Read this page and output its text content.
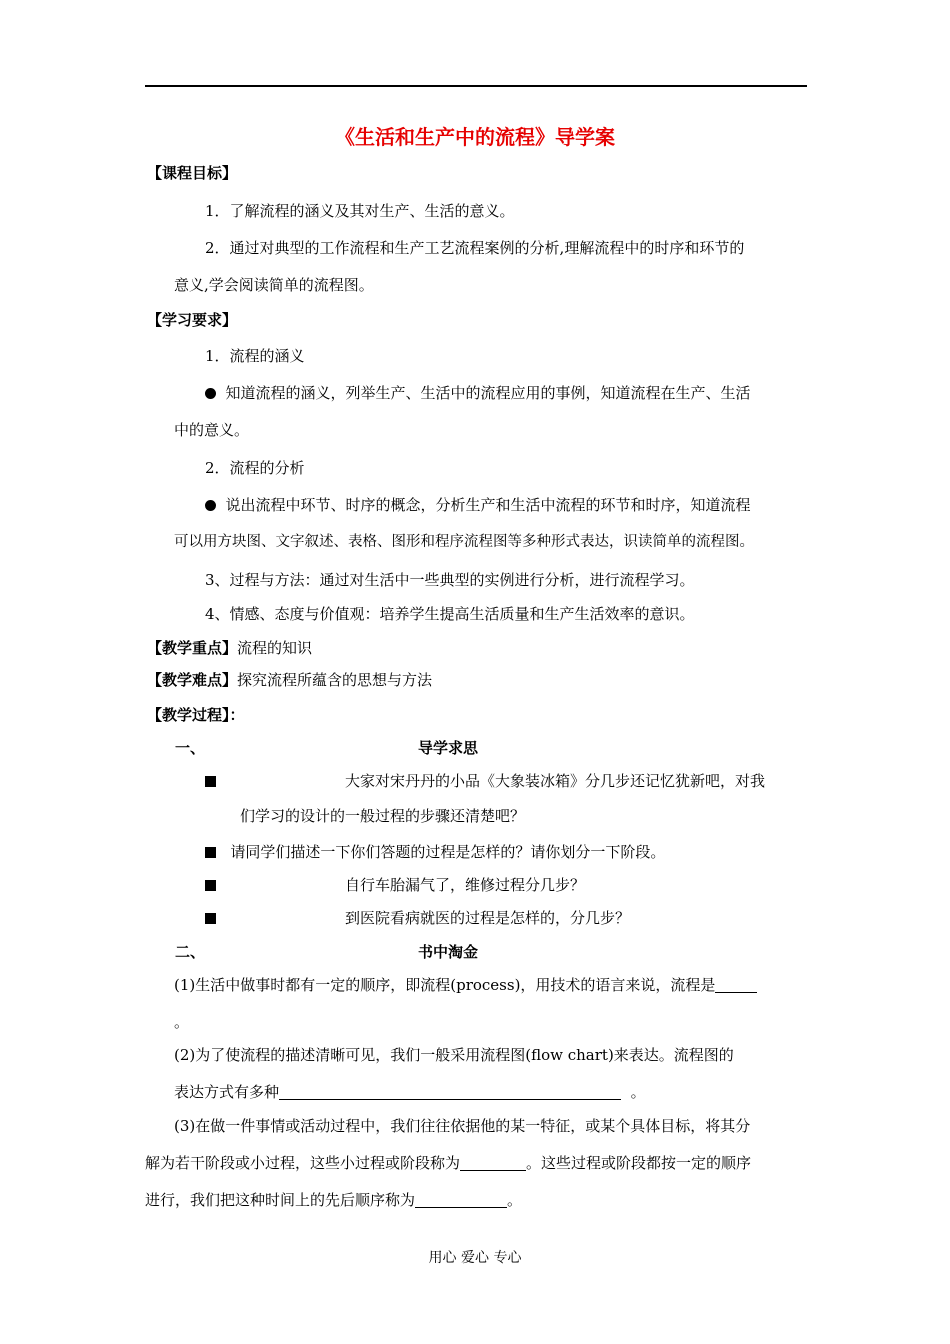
《生活和生产中的流程》导学案
【课程目标】
1．了解流程的涵义及其对生产、生活的意义。
2．通过对典型的工作流程和生产工艺流程案例的分析,理解流程中的时序和环节的
意义,学会阅读简单的流程图。
【学习要求】
1．流程的涵义
知道流程的涵义，列举生产、生活中的流程应用的事例，知道流程在生产、生活
中的意义。
2．流程的分析
说出流程中环节、时序的概念，分析生产和生活中流程的环节和时序，知道流程
可以用方块图、文字叙述、表格、图形和程序流程图等多种形式表达，识读简单的流程图。
3、过程与方法：通过对生活中一些典型的实例进行分析，进行流程学习。
4、情感、态度与价值观：培养学生提高生活质量和生产生活效率的意识。
【教学重点】流程的知识
【教学难点】探究流程所蕴含的思想与方法
【教学过程】：
一、	导学求思
大家对宋丹丹的小品《大象装冰箱》分几步还记忆犹新吧，对我
们学习的设计的一般过程的步骤还清楚吧？
请同学们描述一下你们答题的过程是怎样的？请你划分一下阶段。
自行车胎漏气了，维修过程分几步？
到医院看病就医的过程是怎样的，分几步？
二、	书中淘金
(1)生活中做事时都有一定的顺序，即流程(process)，用技术的语言来说，流程是
。
(2)为了使流程的描述清晰可见，我们一般采用流程图(flow chart)来表达。流程图的
表达方式有多种	。
(3)在做一件事情或活动过程中，我们往往依据他的某一特征，或某个具体目标，将其分
解为若干阶段或小过程，这些小过程或阶段称为	。这些过程或阶段都按一定的顺序
进行，我们把这种时间上的先后顺序称为	。
用心 爱心 专心
